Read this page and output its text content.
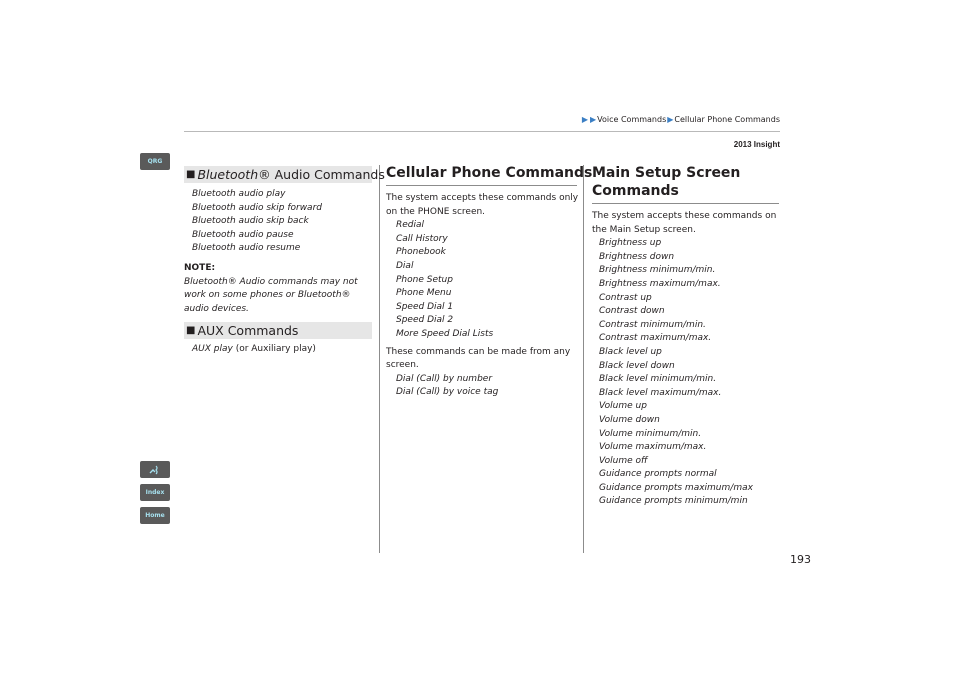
▶ ▶Voice Commands▶Cellular Phone Commands
2013 Insight
QRG
Index
Home
■ Bluetooth ® Audio Commands
Bluetooth audio play
Bluetooth audio skip forward
Bluetooth audio skip back
Bluetooth audio pause
Bluetooth audio resume
NOTE:
Bluetooth® Audio commands may not
work on some phones or Bluetooth®
audio devices.
■ AUX Commands
AUX play (or Auxiliary play)
Cellular Phone Commands
The system accepts these commands only
on the PHONE screen.
Redial
Call History
Phonebook
Dial
Phone Setup
Phone Menu
Speed Dial 1
Speed Dial 2
More Speed Dial Lists
These commands can be made from any
screen.
Dial (Call) by number
Dial (Call) by voice tag
Main Setup Screen
Commands
The system accepts these commands on
the Main Setup screen.
Brightness up
Brightness down
Brightness minimum/min.
Brightness maximum/max.
Contrast up
Contrast down
Contrast minimum/min.
Contrast maximum/max.
Black level up
Black level down
Black level minimum/min.
Black level maximum/max.
Volume up
Volume down
Volume minimum/min.
Volume maximum/max.
Volume off
Guidance prompts normal
Guidance prompts maximum/max
Guidance prompts minimum/min
193
